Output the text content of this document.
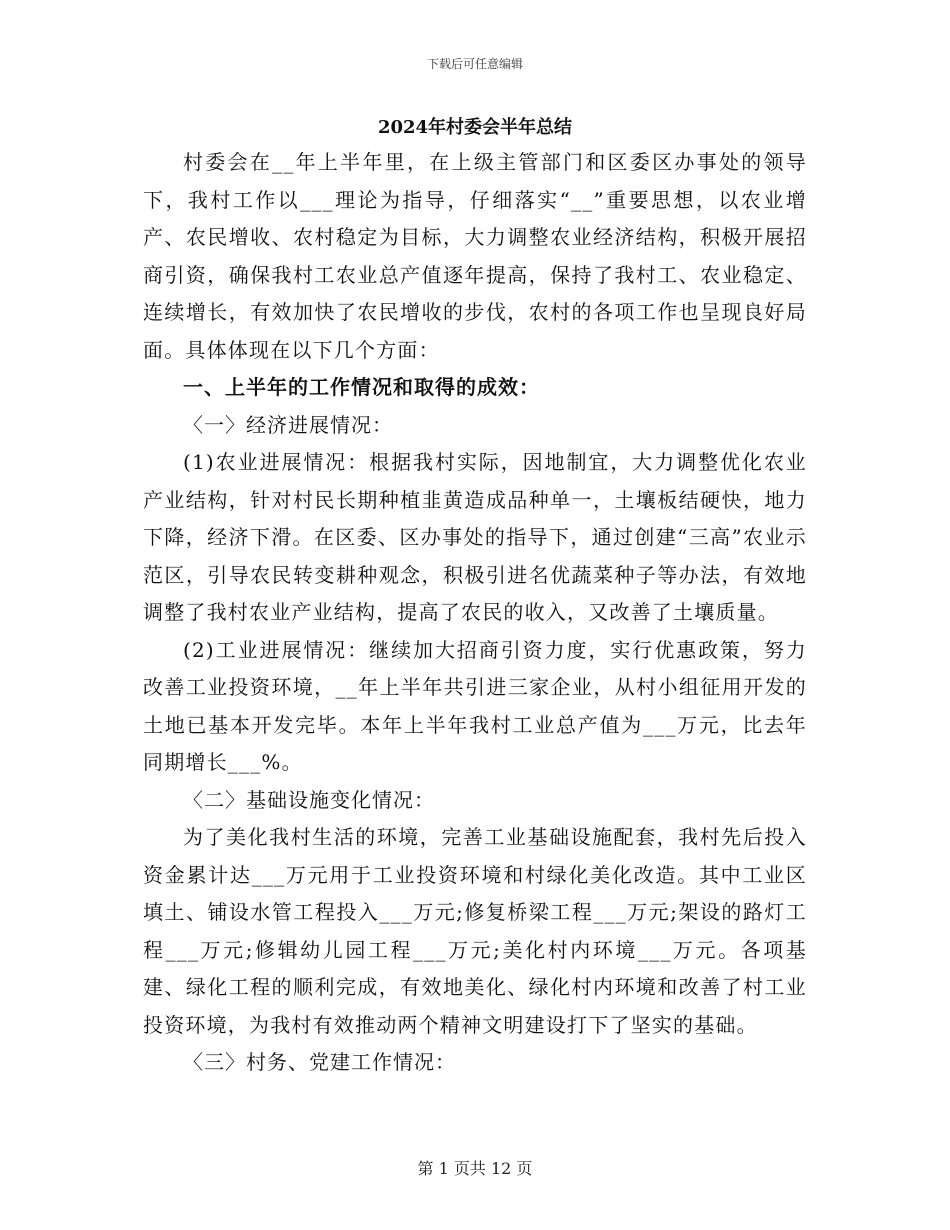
下载后可任意编辑
2024年村委会半年总结

村委会在__年上半年里，在上级主管部门和区委区办事处的领导下，我村工作以___理论为指导，仔细落实“__”重要思想，以农业增产、农民增收、农村稳定为目标，大力调整农业经济结构，积极开展招商引资，确保我村工农业总产值逐年提高，保持了我村工、农业稳定、连续增长，有效加快了农民增收的步伐，农村的各项工作也呈现良好局面。具体体现在以下几个方面：

一、上半年的工作情况和取得的成效：

〈一〉经济进展情况：

(1)农业进展情况：根据我村实际，因地制宜，大力调整优化农业产业结构，针对村民长期种植韭黄造成品种单一，土壤板结硬快，地力下降，经济下滑。在区委、区办事处的指导下，通过创建“三高”农业示范区，引导农民转变耕种观念，积极引进名优蔬菜种子等办法，有效地调整了我村农业产业结构，提高了农民的收入，又改善了土壤质量。

(2)工业进展情况：继续加大招商引资力度，实行优惠政策，努力改善工业投资环境，__年上半年共引进三家企业，从村小组征用开发的土地已基本开发完毕。本年上半年我村工业总产值为___万元，比去年同期增长___%。

〈二〉基础设施变化情况：

为了美化我村生活的环境，完善工业基础设施配套，我村先后投入资金累计达___万元用于工业投资环境和村绿化美化改造。其中工业区填土、铺设水管工程投入___万元;修复桥梁工程___万元;架设的路灯工程___万元;修辑幼儿园工程___万元;美化村内环境___万元。各项基建、绿化工程的顺利完成，有效地美化、绿化村内环境和改善了村工业投资环境，为我村有效推动两个精神文明建设打下了坚实的基础。

〈三〉村务、党建工作情况：

第 1 页共 12 页
